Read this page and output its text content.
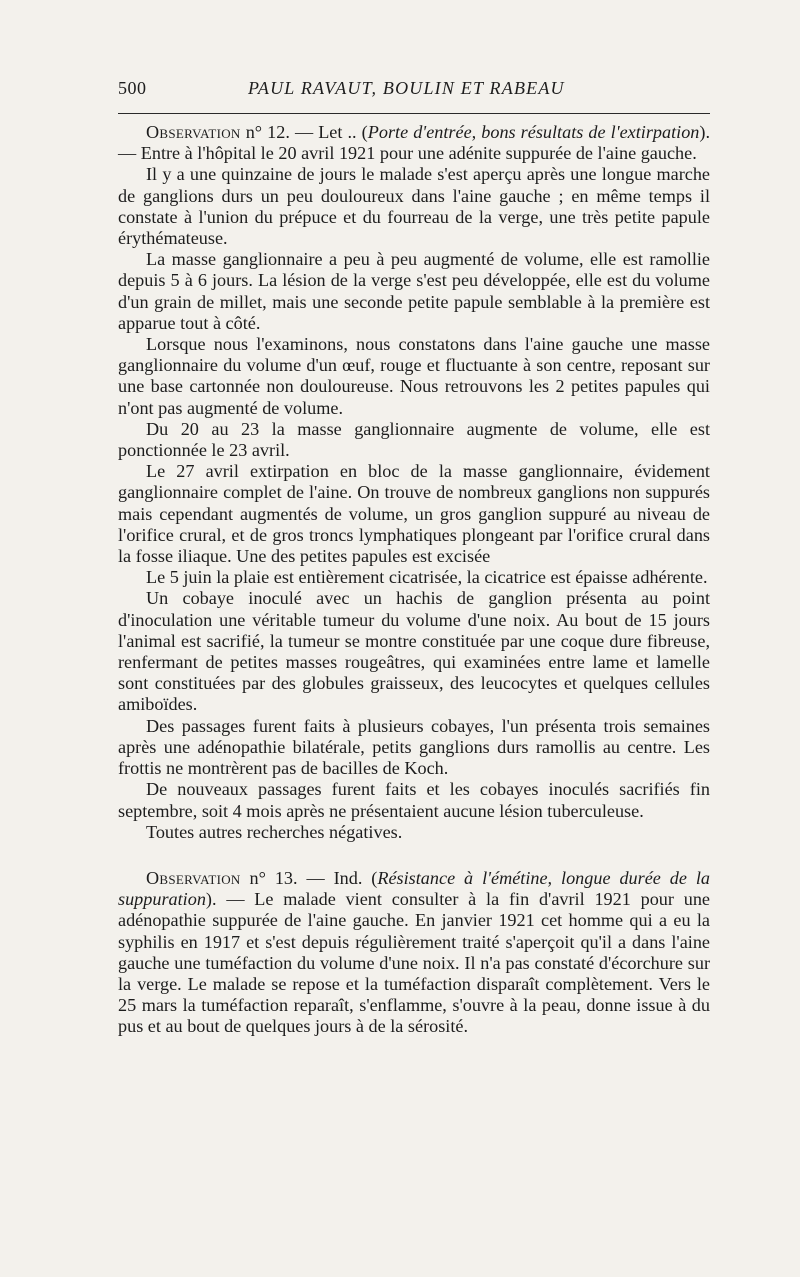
500	PAUL RAVAUT, BOULIN ET RABEAU

Observation n° 12. — Let .. (Porte d'entrée, bons résultats de l'extirpation). — Entre à l'hôpital le 20 avril 1921 pour une adénite suppurée de l'aine gauche.

Il y a une quinzaine de jours le malade s'est aperçu après une longue marche de ganglions durs un peu douloureux dans l'aine gauche ; en même temps il constate à l'union du prépuce et du fourreau de la verge, une très petite papule érythémateuse.

La masse ganglionnaire a peu à peu augmenté de volume, elle est ramollie depuis 5 à 6 jours. La lésion de la verge s'est peu développée, elle est du volume d'un grain de millet, mais une seconde petite papule semblable à la première est apparue tout à côté.

Lorsque nous l'examinons, nous constatons dans l'aine gauche une masse ganglionnaire du volume d'un œuf, rouge et fluctuante à son centre, reposant sur une base cartonnée non douloureuse. Nous retrouvons les 2 petites papules qui n'ont pas augmenté de volume.

Du 20 au 23 la masse ganglionnaire augmente de volume, elle est ponctionnée le 23 avril.

Le 27 avril extirpation en bloc de la masse ganglionnaire, évidement ganglionnaire complet de l'aine. On trouve de nombreux ganglions non suppurés mais cependant augmentés de volume, un gros ganglion suppuré au niveau de l'orifice crural, et de gros troncs lymphatiques plongeant par l'orifice crural dans la fosse iliaque. Une des petites papules est excisée

Le 5 juin la plaie est entièrement cicatrisée, la cicatrice est épaisse adhérente.

Un cobaye inoculé avec un hachis de ganglion présenta au point d'inoculation une véritable tumeur du volume d'une noix. Au bout de 15 jours l'animal est sacrifié, la tumeur se montre constituée par une coque dure fibreuse, renfermant de petites masses rougeâtres, qui examinées entre lame et lamelle sont constituées par des globules graisseux, des leucocytes et quelques cellules amiboïdes.

Des passages furent faits à plusieurs cobayes, l'un présenta trois semaines après une adénopathie bilatérale, petits ganglions durs ramollis au centre. Les frottis ne montrèrent pas de bacilles de Koch.

De nouveaux passages furent faits et les cobayes inoculés sacrifiés fin septembre, soit 4 mois après ne présentaient aucune lésion tuberculeuse.

Toutes autres recherches négatives.

Observation n° 13. — Ind. (Résistance à l'émétine, longue durée de la suppuration). — Le malade vient consulter à la fin d'avril 1921 pour une adénopathie suppurée de l'aine gauche. En janvier 1921 cet homme qui a eu la syphilis en 1917 et s'est depuis régulièrement traité s'aperçoit qu'il a dans l'aine gauche une tuméfaction du volume d'une noix. Il n'a pas constaté d'écorchure sur la verge. Le malade se repose et la tuméfaction disparaît complètement. Vers le 25 mars la tuméfaction reparaît, s'enflamme, s'ouvre à la peau, donne issue à du pus et au bout de quelques jours à de la sérosité.
